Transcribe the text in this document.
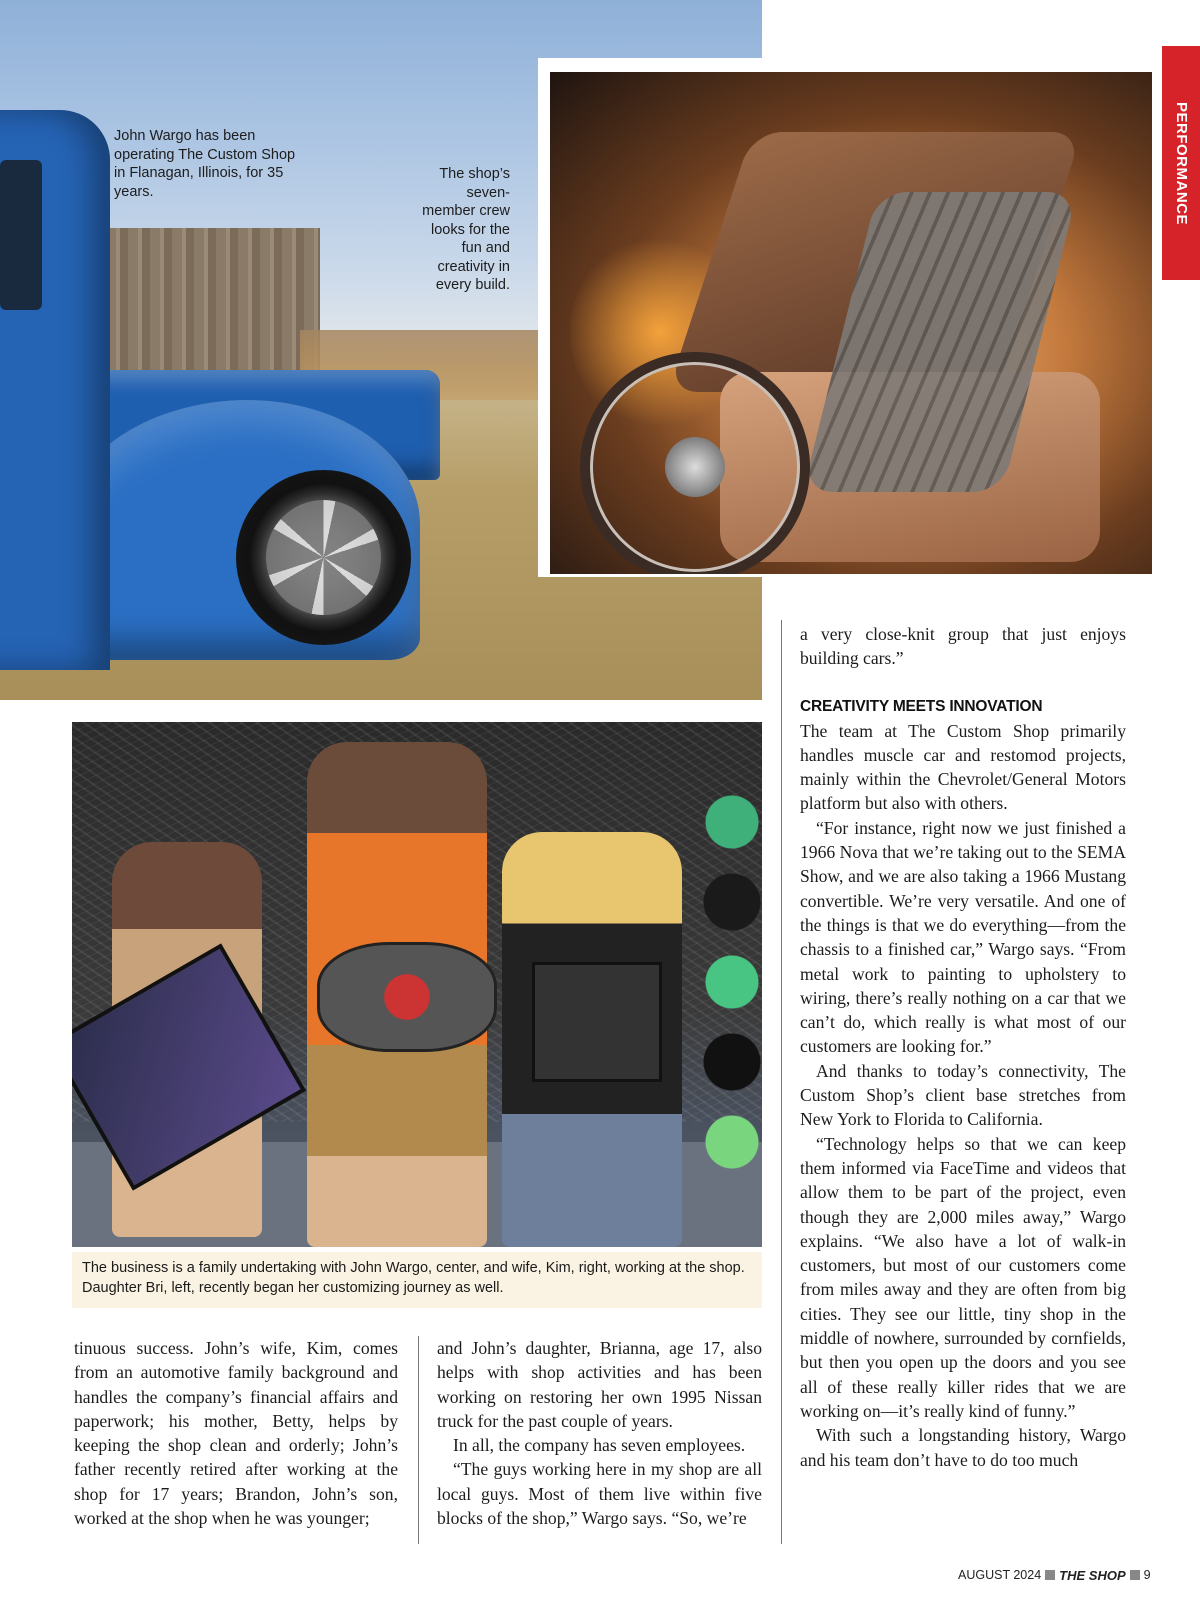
John Wargo has been operating The Custom Shop in Flanagan, Illinois, for 35 years.
The shop’s seven-member crew looks for the fun and creativity in every build.
PERFORMANCE
The business is a family undertaking with John Wargo, center, and wife, Kim, right, working at the shop. Daughter Bri, left, recently began her customizing journey as well.

tinuous success. John’s wife, Kim, comes from an automotive family background and handles the company’s financial affairs and paperwork; his mother, Betty, helps by keeping the shop clean and orderly; John’s father recently retired after working at the shop for 17 years; Brandon, John’s son, worked at the shop when he was younger;

and John’s daughter, Brianna, age 17, also helps with shop activities and has been working on restoring her own 1995 Nissan truck for the past couple of years.

In all, the company has seven employees.

“The guys working here in my shop are all local guys. Most of them live within five blocks of the shop,” Wargo says. “So, we’re

a very close-knit group that just enjoys building cars.”

CREATIVITY MEETS INNOVATION

The team at The Custom Shop primarily handles muscle car and restomod projects, mainly within the Chevrolet/General Motors platform but also with others.

“For instance, right now we just finished a 1966 Nova that we’re taking out to the SEMA Show, and we are also taking a 1966 Mustang convertible. We’re very versatile. And one of the things is that we do everything—from the chassis to a finished car,” Wargo says. “From metal work to painting to upholstery to wiring, there’s really nothing on a car that we can’t do, which really is what most of our customers are looking for.”

And thanks to today’s connectivity, The Custom Shop’s client base stretches from New York to Florida to California.

“Technology helps so that we can keep them informed via FaceTime and videos that allow them to be part of the project, even though they are 2,000 miles away,” Wargo explains. “We also have a lot of walk-in customers, but most of our customers come from miles away and they are often from big cities. They see our little, tiny shop in the middle of nowhere, surrounded by cornfields, but then you open up the doors and you see all of these really killer rides that we are working on—it’s really kind of funny.”

With such a longstanding history, Wargo and his team don’t have to do too much

AUGUST 2024 THE SHOP 9
